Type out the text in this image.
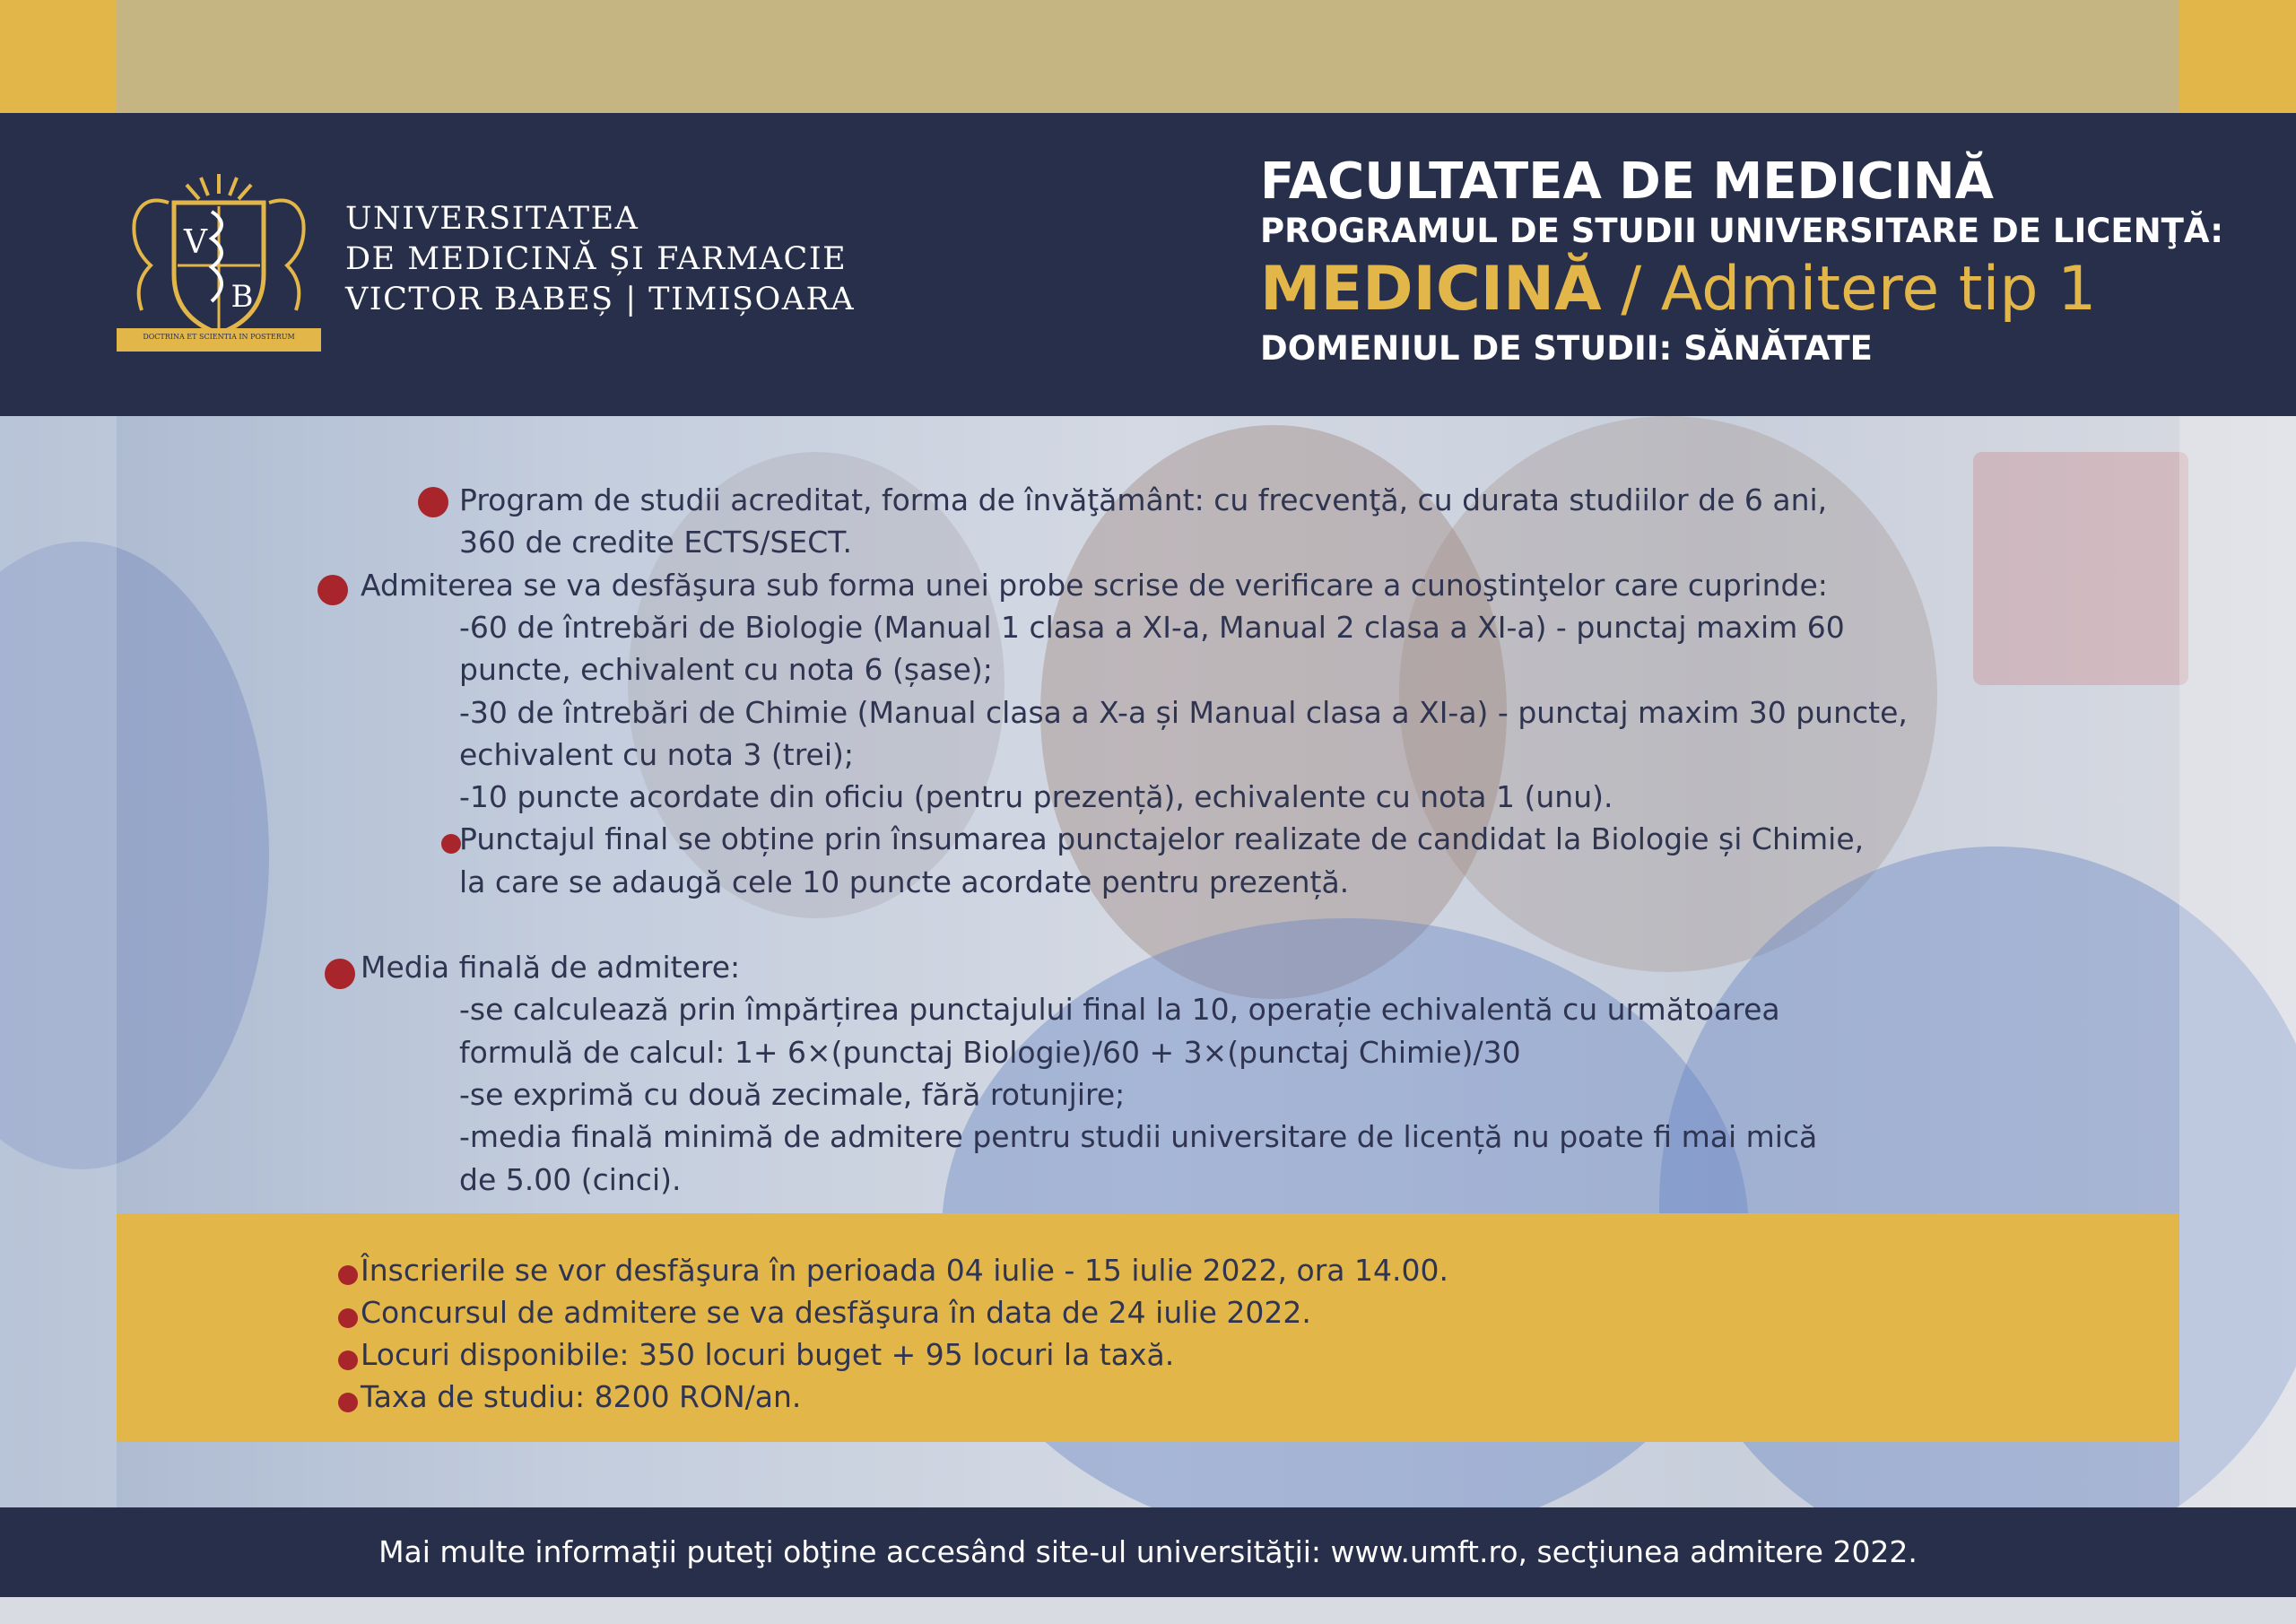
V
B
DOCTRINA ET SCIENTIA IN POSTERUM
UNIVERSITATEA
DE MEDICINĂ ȘI FARMACIE
VICTOR BABEȘ | TIMIȘOARA
FACULTATEA DE MEDICINĂ
PROGRAMUL DE STUDII UNIVERSITARE DE LICENŢĂ:
MEDICINĂ / Admitere tip 1
DOMENIUL DE STUDII: SĂNĂTATE
Program de studii acreditat, forma de învăţământ: cu frecvenţă, cu durata studiilor de 6 ani,
360 de credite ECTS/SECT.
Admiterea se va desfăşura sub forma unei probe scrise de verificare a cunoştinţelor care cuprinde:
-60 de întrebări de Biologie (Manual 1 clasa a XI-a, Manual 2 clasa a XI-a) - punctaj maxim 60
puncte, echivalent cu nota 6 (șase);
-30 de întrebări de Chimie (Manual clasa a X-a și Manual clasa a XI-a) - punctaj maxim 30 puncte,
echivalent cu nota 3 (trei);
-10 puncte acordate din oficiu (pentru prezență), echivalente cu nota 1 (unu).
Punctajul final se obține prin însumarea punctajelor realizate de candidat la Biologie și Chimie,
la care se adaugă cele 10 puncte acordate pentru prezență.
Media finală de admitere:
-se calculează prin împărțirea punctajului final la 10, operație echivalentă cu următoarea
formulă de calcul: 1+ 6×(punctaj Biologie)/60 + 3×(punctaj Chimie)/30
-se exprimă cu două zecimale, fără rotunjire;
-media finală minimă de admitere pentru studii universitare de licență nu poate fi mai mică
de 5.00 (cinci).
Înscrierile se vor desfăşura în perioada 04 iulie - 15 iulie 2022, ora 14.00.
Concursul de admitere se va desfăşura în data de 24 iulie 2022.
Locuri disponibile: 350 locuri buget + 95 locuri la taxă.
Taxa de studiu: 8200 RON/an.
Mai multe informaţii puteţi obţine accesând site-ul universităţii: www.umft.ro, secţiunea admitere 2022.
